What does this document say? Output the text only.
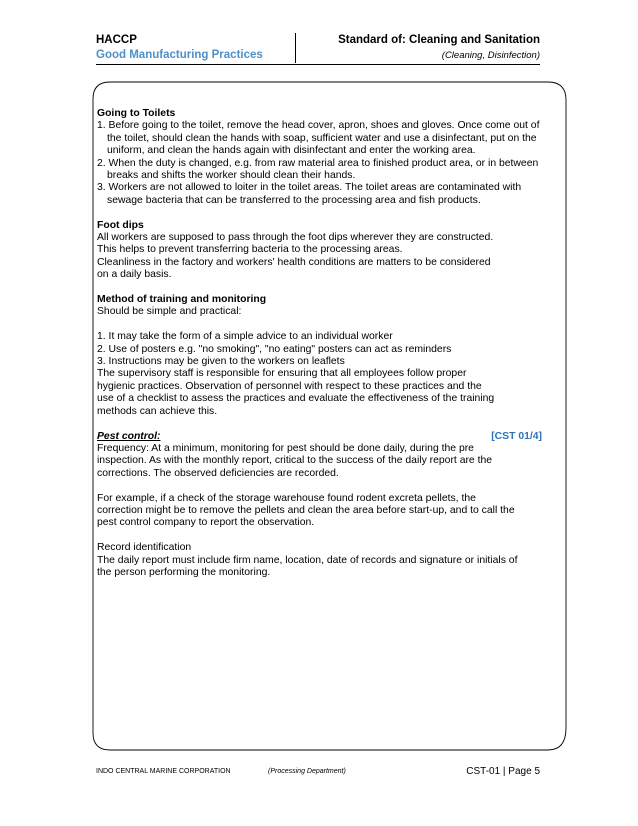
HACCP
Good Manufacturing Practices
Standard of: Cleaning and Sanitation
(Cleaning, Disinfection)
Going to Toilets
1. Before going to the toilet, remove the head cover, apron, shoes and gloves. Once come out of the toilet, should clean the hands with soap, sufficient water and use a disinfectant, put on the uniform, and clean the hands again with disinfectant and enter the working area.
2. When the duty is changed, e.g. from raw material area to finished product area, or in between breaks and shifts the worker should clean their hands.
3. Workers are not allowed to loiter in the toilet areas. The toilet areas are contaminated with sewage bacteria that can be transferred to the processing area and fish products.
Foot dips
All workers are supposed to pass through the foot dips wherever they are constructed.
This helps to prevent transferring bacteria to the processing areas.
Cleanliness in the factory and workers' health conditions are matters to be considered
on a daily basis.
Method of training and monitoring
Should be simple and practical:
1. It may take the form of a simple advice to an individual worker
2. Use of posters e.g. "no smoking", "no eating" posters can act as reminders
3. Instructions may be given to the workers on leaflets
The supervisory staff is responsible for ensuring that all employees follow proper
hygienic practices. Observation of personnel with respect to these practices and the
use of a checklist to assess the practices and evaluate the effectiveness of the training
methods can achieve this.
Pest control:	[CST 01/4]
Frequency: At a minimum, monitoring for pest should be done daily, during the pre
inspection. As with the monthly report, critical to the success of the daily report are the
corrections. The observed deficiencies are recorded.
For example, if a check of the storage warehouse found rodent excreta pellets, the
correction might be to remove the pellets and clean the area before start-up, and to call the
pest control company to report the observation.
Record identification
The daily report must include firm name, location, date of records and signature or initials of
the person performing the monitoring.
INDO CENTRAL MARINE CORPORATION	(Processing Department)	CST-01 | Page 5
